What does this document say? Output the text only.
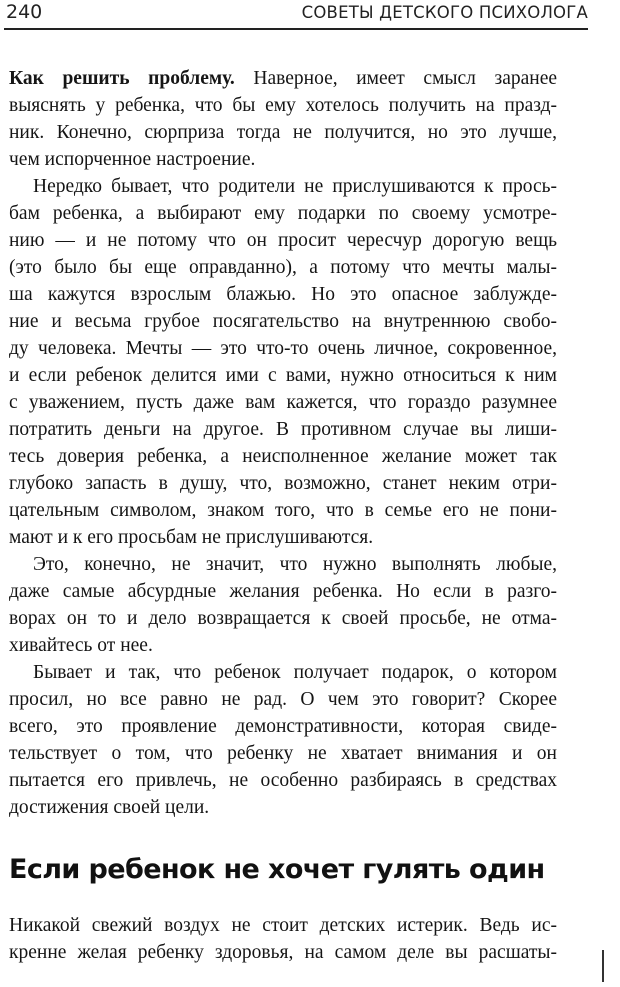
240	СОВЕТЫ ДЕТСКОГО ПСИХОЛОГА
Как решить проблему. Наверное, имеет смысл заранее
выяснять у ребенка, что бы ему хотелось получить на празд-
ник. Конечно, сюрприза тогда не получится, но это лучше,
чем испорченное настроение.
Нередко бывает, что родители не прислушиваются к прось-
бам ребенка, а выбирают ему подарки по своему усмотре-
нию — и не потому что он просит чересчур дорогую вещь
(это было бы еще оправданно), а потому что мечты малы-
ша кажутся взрослым блажью. Но это опасное заблужде-
ние и весьма грубое посягательство на внутреннюю свобо-
ду человека. Мечты — это что-то очень личное, сокровенное,
и если ребенок делится ими с вами, нужно относиться к ним
с уважением, пусть даже вам кажется, что гораздо разумнее
потратить деньги на другое. В противном случае вы лиши-
тесь доверия ребенка, а неисполненное желание может так
глубоко запасть в душу, что, возможно, станет неким отри-
цательным символом, знаком того, что в семье его не пони-
мают и к его просьбам не прислушиваются.
Это, конечно, не значит, что нужно выполнять любые,
даже самые абсурдные желания ребенка. Но если в разго-
ворах он то и дело возвращается к своей просьбе, не отма-
хивайтесь от нее.
Бывает и так, что ребенок получает подарок, о котором
просил, но все равно не рад. О чем это говорит? Скорее
всего, это проявление демонстративности, которая свиде-
тельствует о том, что ребенку не хватает внимания и он
пытается его привлечь, не особенно разбираясь в средствах
достижения своей цели.
Если ребенок не хочет гулять один
Никакой свежий воздух не стоит детских истерик. Ведь ис-
кренне желая ребенку здоровья, на самом деле вы расшаты-
